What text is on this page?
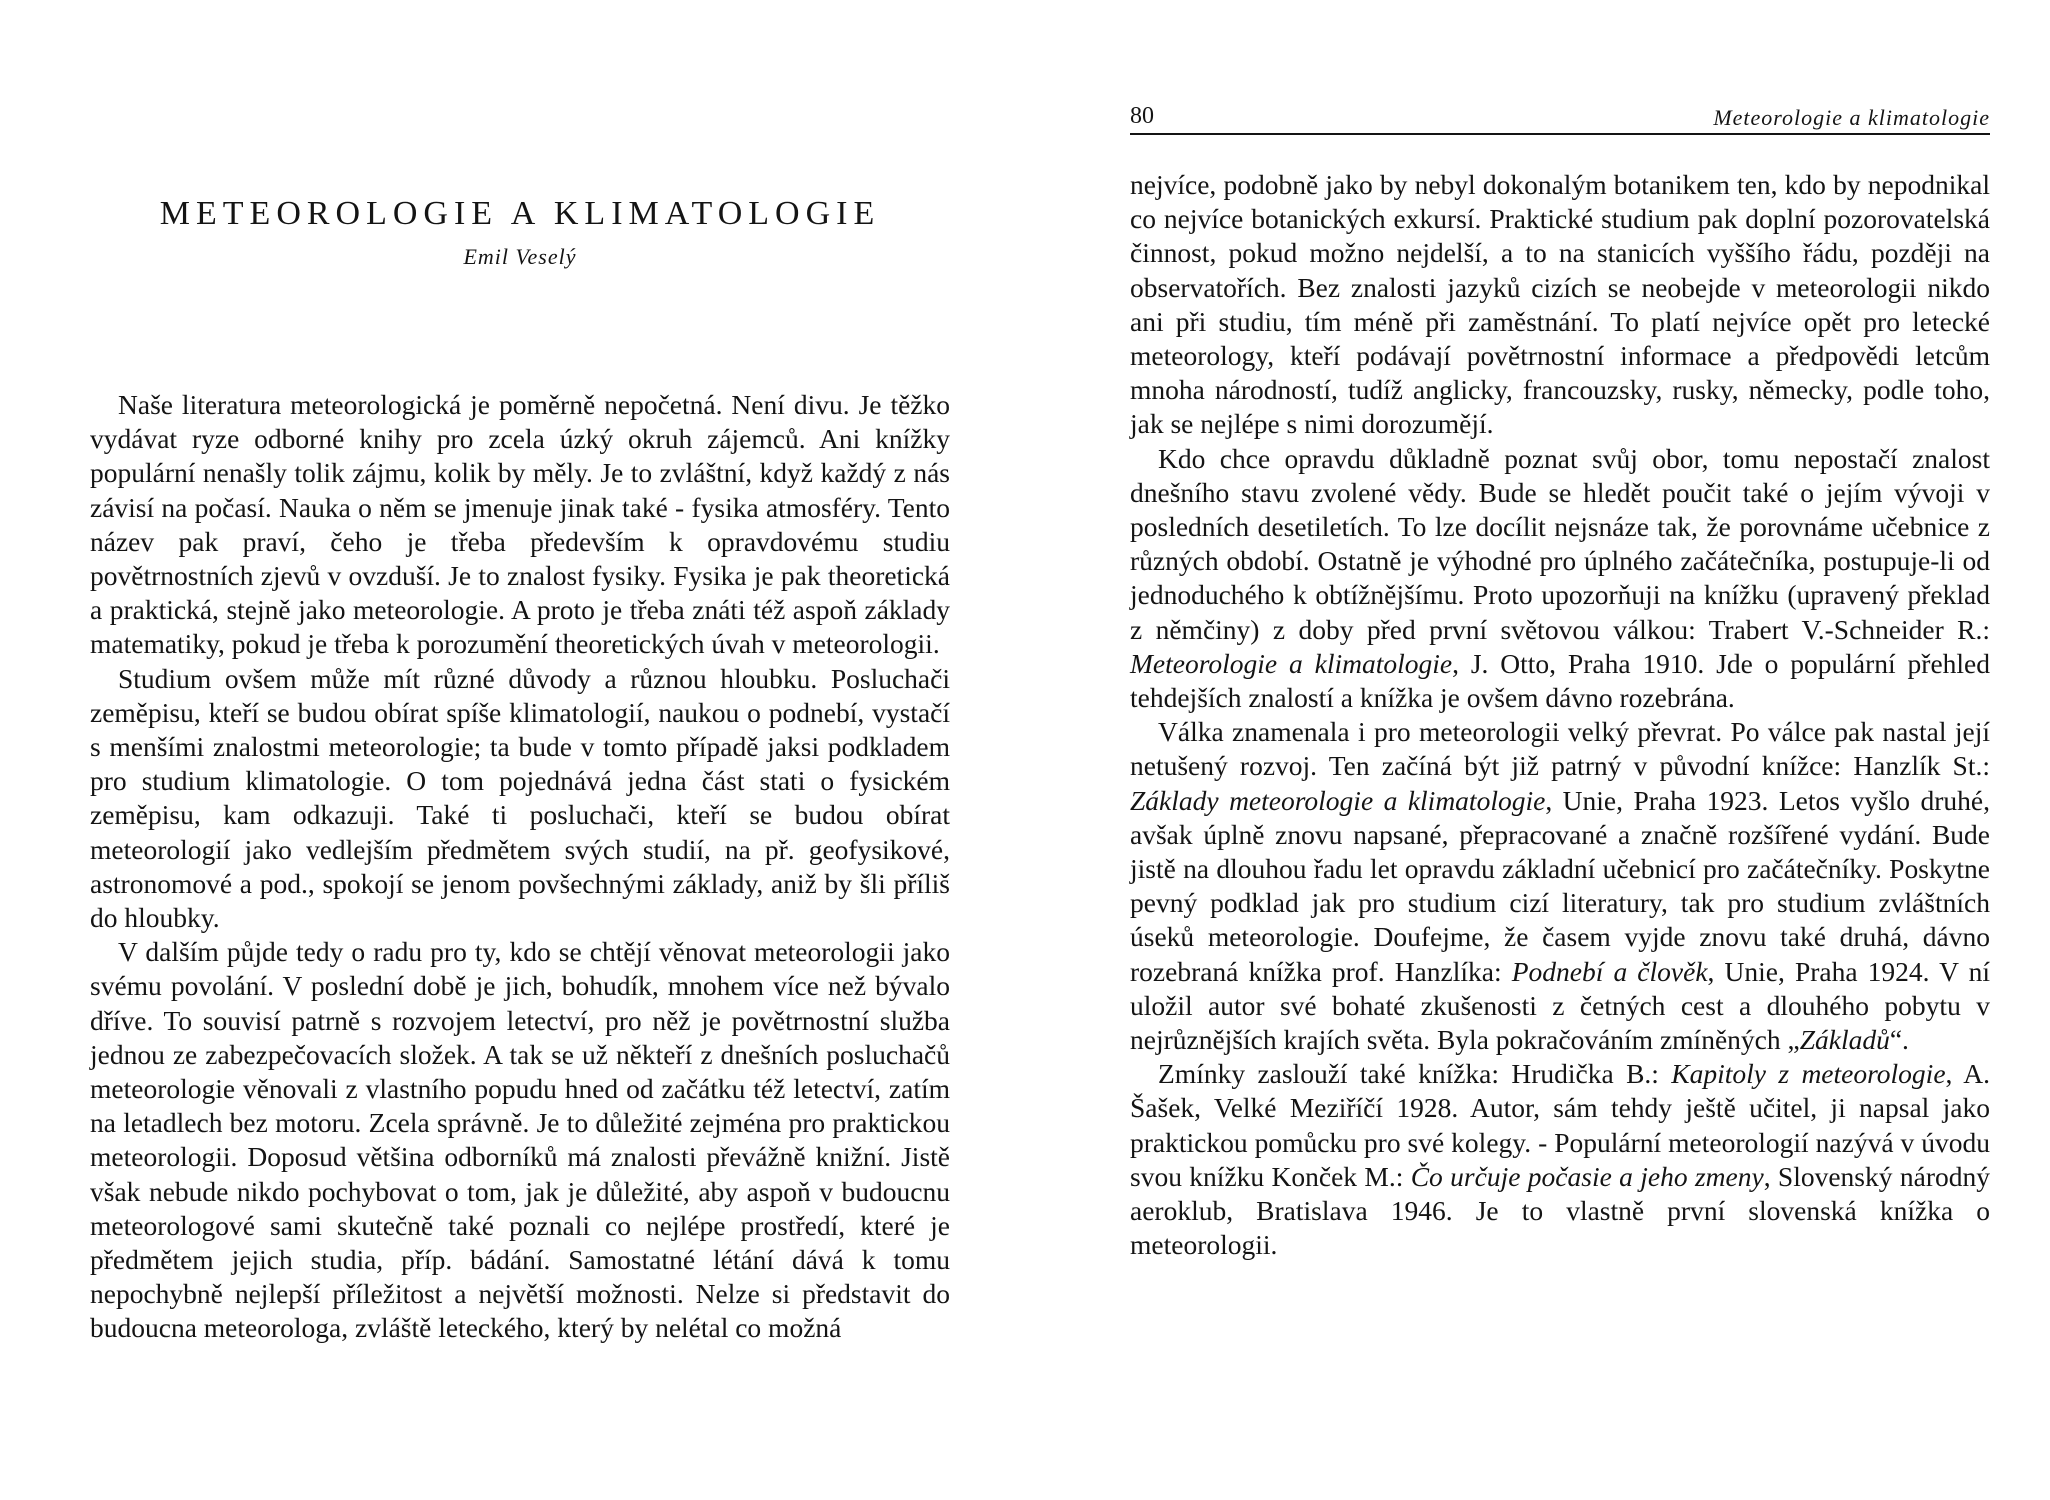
METEOROLOGIE A KLIMATOLOGIE
Emil Veselý

Naše literatura meteorologická je poměrně nepočetná. Není divu. Je těžko vydávat ryze odborné knihy pro zcela úzký okruh zájemců. Ani knížky populární nenašly tolik zájmu, kolik by měly. Je to zvláštní, když každý z nás závisí na počasí. Nauka o něm se jmenuje jinak také - fysika atmosféry. Tento název pak praví, čeho je třeba především k opravdovému studiu povětrnostních zjevů v ovzduší. Je to znalost fysiky. Fysika je pak theoretická a praktická, stejně jako meteorologie. A proto je třeba znáti též aspoň základy matematiky, pokud je třeba k porozumění theoretických úvah v meteorologii.

Studium ovšem může mít různé důvody a různou hloubku. Posluchači zeměpisu, kteří se budou obírat spíše klimatologií, naukou o podnebí, vystačí s menšími znalostmi meteorologie; ta bude v tomto případě jaksi podkladem pro studium klimatologie. O tom pojednává jedna část stati o fysickém zeměpisu, kam odkazuji. Také ti posluchači, kteří se budou obírat meteorologií jako vedlejším předmětem svých studií, na př. geofysikové, astronomové a pod., spokojí se jenom povšechnými základy, aniž by šli příliš do hloubky.

V dalším půjde tedy o radu pro ty, kdo se chtějí věnovat meteorologii jako svému povolání. V poslední době je jich, bohudík, mnohem více než bývalo dříve. To souvisí patrně s rozvojem letectví, pro něž je povětrnostní služba jednou ze zabezpečovacích složek. A tak se už někteří z dnešních posluchačů meteorologie věnovali z vlastního popudu hned od začátku též letectví, zatím na letadlech bez motoru. Zcela správně. Je to důležité zejména pro praktickou meteorologii. Doposud většina odborníků má znalosti převážně knižní. Jistě však nebude nikdo pochybovat o tom, jak je důležité, aby aspoň v budoucnu meteorologové sami skutečně také poznali co nejlépe prostředí, které je předmětem jejich studia, příp. bádání. Samostatné létání dává k tomu nepochybně nejlepší příležitost a největší možnosti. Nelze si představit do budoucna meteorologa, zvláště leteckého, který by nelétal co možná

80	Meteorologie a klimatologie

nejvíce, podobně jako by nebyl dokonalým botanikem ten, kdo by nepodnikal co nejvíce botanických exkursí. Praktické studium pak doplní pozorovatelská činnost, pokud možno nejdelší, a to na stanicích vyššího řádu, později na observatořích. Bez znalosti jazyků cizích se neobejde v meteorologii nikdo ani při studiu, tím méně při zaměstnání. To platí nejvíce opět pro letecké meteorology, kteří podávají povětrnostní informace a předpovědi letcům mnoha národností, tudíž anglicky, francouzsky, rusky, německy, podle toho, jak se nejlépe s nimi dorozumějí.

Kdo chce opravdu důkladně poznat svůj obor, tomu nepostačí znalost dnešního stavu zvolené vědy. Bude se hledět poučit také o jejím vývoji v posledních desetiletích. To lze docílit nejsnáze tak, že porovnáme učebnice z různých období. Ostatně je výhodné pro úplného začátečníka, postupuje-li od jednoduchého k obtížnějšímu. Proto upozorňuji na knížku (upravený překlad z němčiny) z doby před první světovou válkou: Trabert V.-Schneider R.: Meteorologie a klimatologie, J. Otto, Praha 1910. Jde o populární přehled tehdejších znalostí a knížka je ovšem dávno rozebrána.

Válka znamenala i pro meteorologii velký převrat. Po válce pak nastal její netušený rozvoj. Ten začíná být již patrný v původní knížce: Hanzlík St.: Základy meteorologie a klimatologie, Unie, Praha 1923. Letos vyšlo druhé, avšak úplně znovu napsané, přepracované a značně rozšířené vydání. Bude jistě na dlouhou řadu let opravdu základní učebnicí pro začátečníky. Poskytne pevný podklad jak pro studium cizí literatury, tak pro studium zvláštních úseků meteorologie. Doufejme, že časem vyjde znovu také druhá, dávno rozebraná knížka prof. Hanzlíka: Podnebí a člověk, Unie, Praha 1924. V ní uložil autor své bohaté zkušenosti z četných cest a dlouhého pobytu v nejrůznějších krajích světa. Byla pokračováním zmíněných „Základů“.

Zmínky zaslouží také knížka: Hrudička B.: Kapitoly z meteorologie, A. Šašek, Velké Meziříčí 1928. Autor, sám tehdy ještě učitel, ji napsal jako praktickou pomůcku pro své kolegy. - Populární meteorologií nazývá v úvodu svou knížku Konček M.: Čo určuje počasie a jeho zmeny, Slovenský národný aeroklub, Bratislava 1946. Je to vlastně první slovenská knížka o meteorologii.
